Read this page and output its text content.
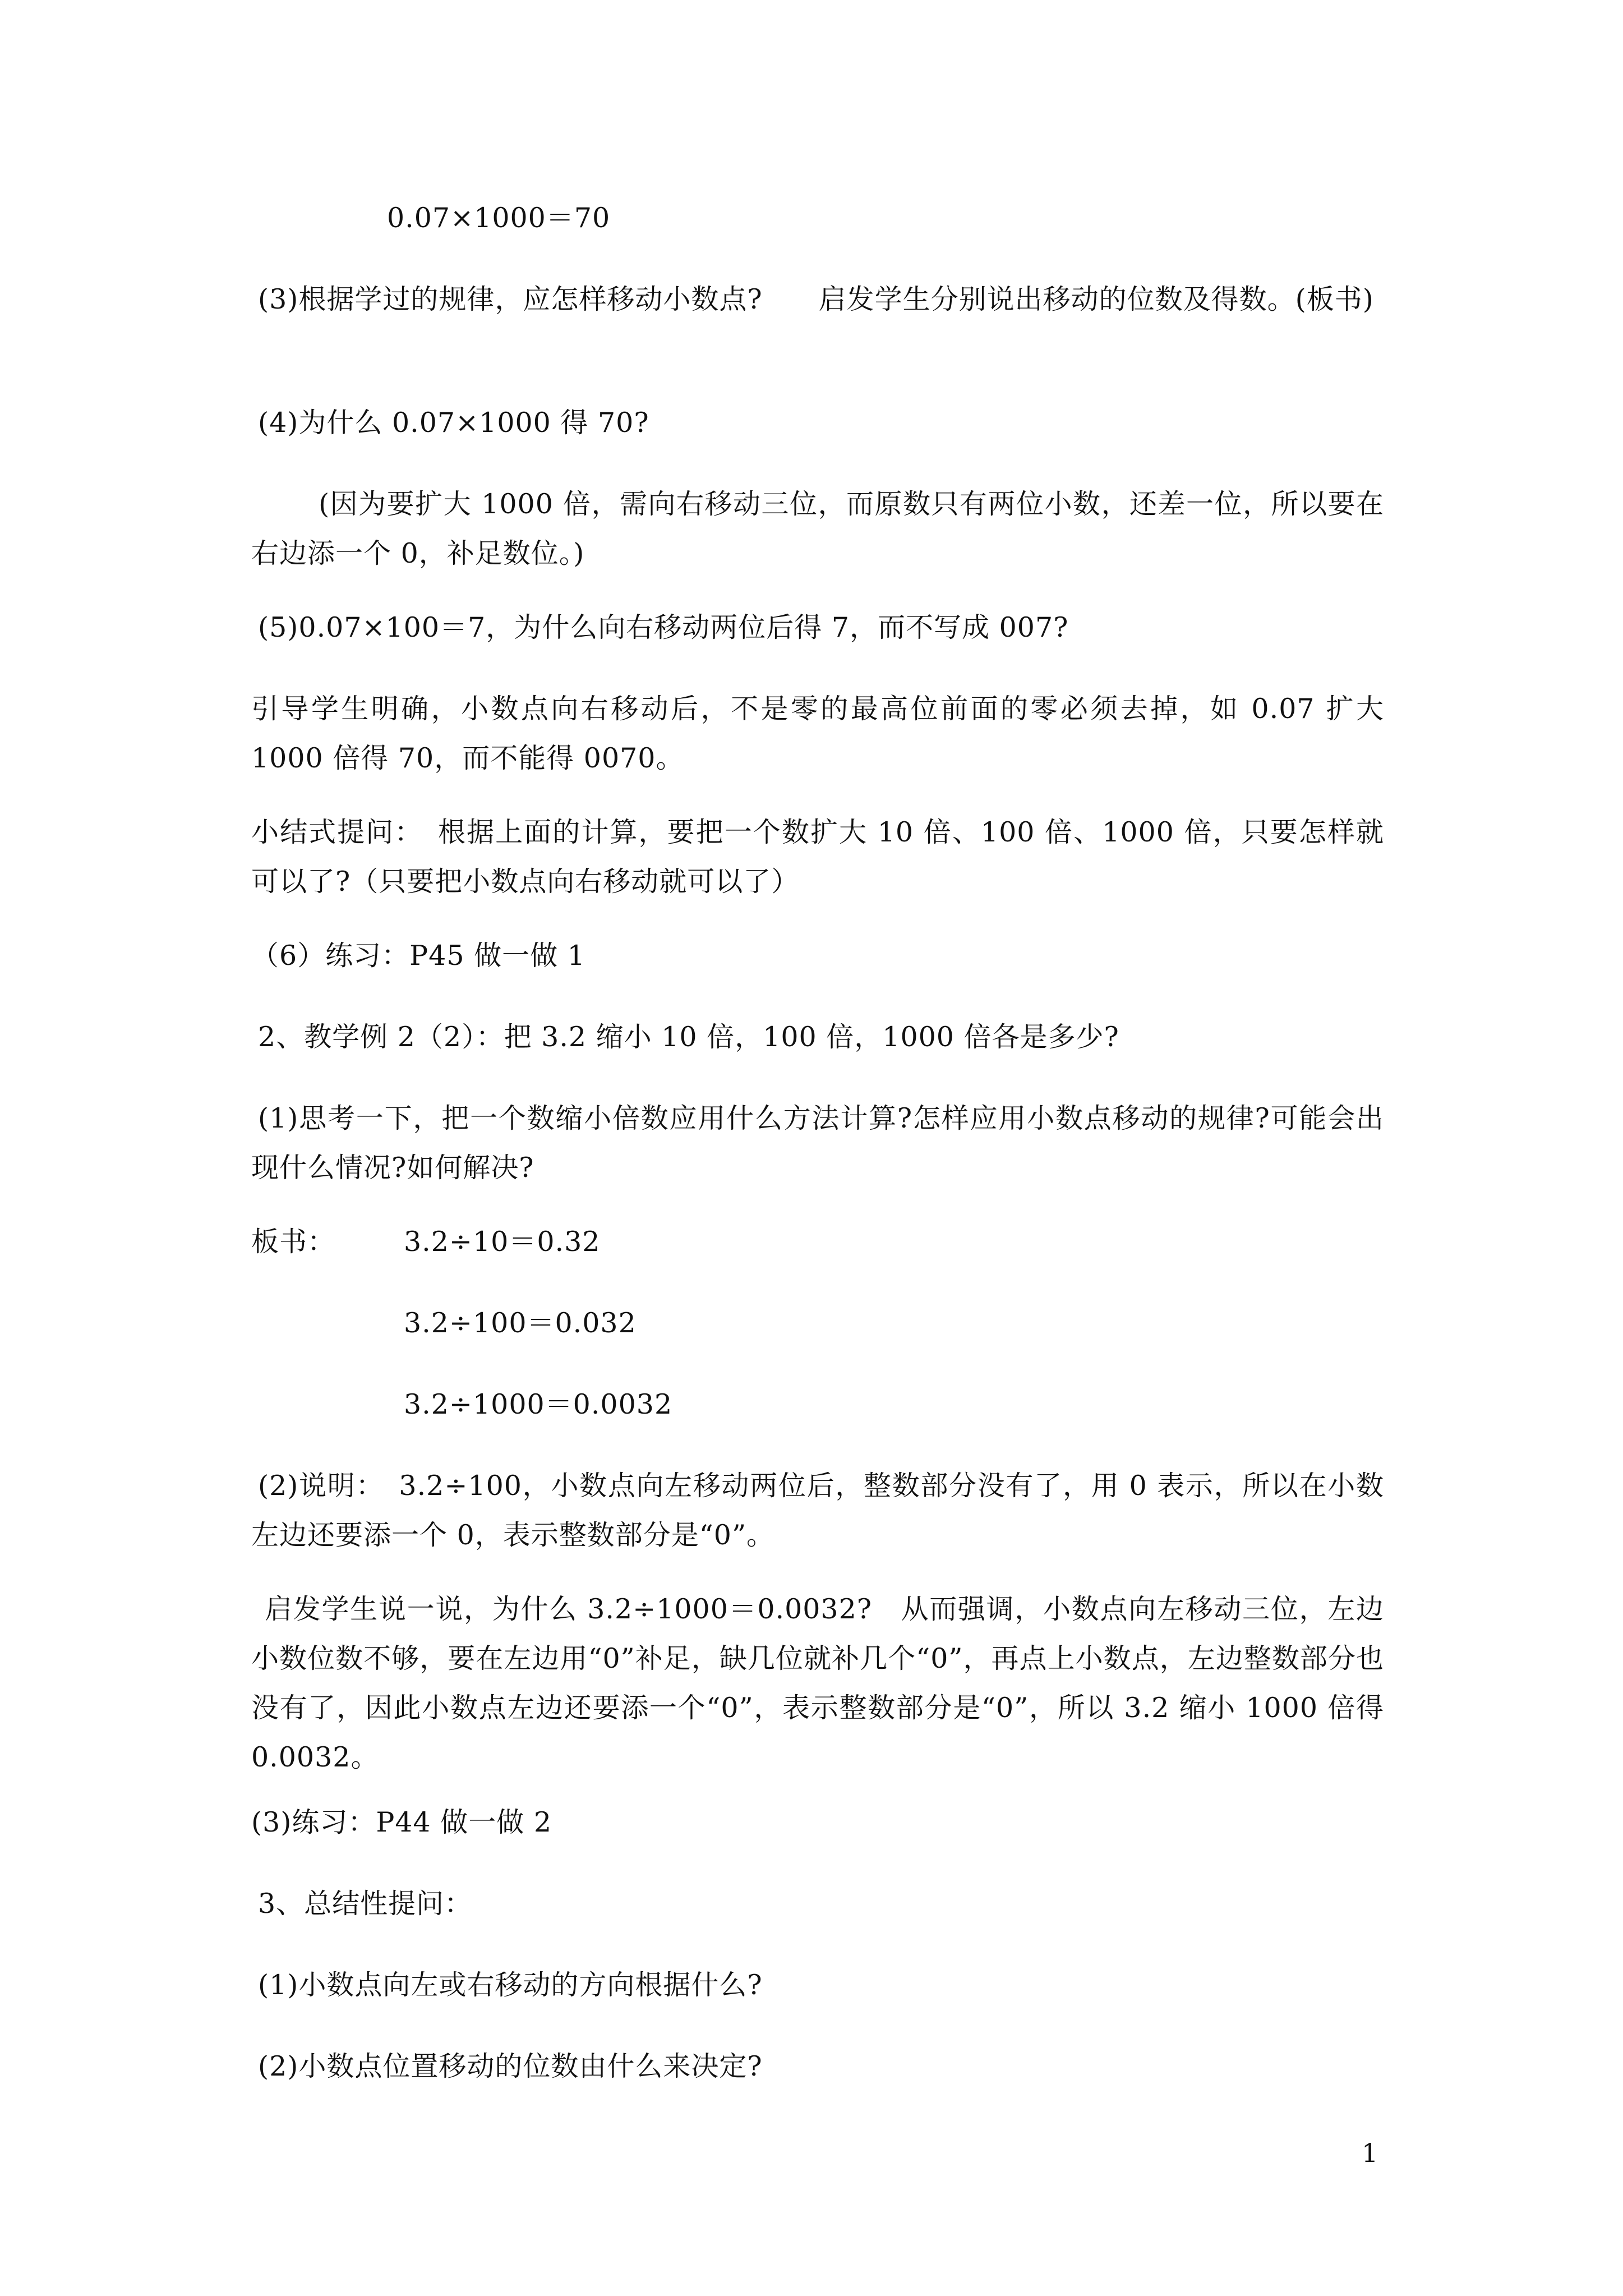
0.07×1000＝70
(3)根据学过的规律，应怎样移动小数点?　　启发学生分别说出移动的位数及得数。(板书)
(4)为什么 0.07×1000 得 70?
(因为要扩大 1000 倍，需向右移动三位，而原数只有两位小数，还差一位，所以要在右边添一个 0，补足数位。)
(5)0.07×100＝7，为什么向右移动两位后得 7，而不写成 007?
引导学生明确，小数点向右移动后，不是零的最高位前面的零必须去掉，如 0.07 扩大 1000 倍得 70，而不能得 0070。
小结式提问：　根据上面的计算，要把一个数扩大 10 倍、100 倍、1000 倍，只要怎样就可以了?（只要把小数点向右移动就可以了）
（6）练习：P45 做一做 1
2、教学例 2（2）：把 3.2 缩小 10 倍，100 倍，1000 倍各是多少?
(1)思考一下，把一个数缩小倍数应用什么方法计算?怎样应用小数点移动的规律?可能会出现什么情况?如何解决?
板书： 3.2÷10＝0.32
3.2÷100＝0.032
3.2÷1000＝0.0032
(2)说明：　3.2÷100，小数点向左移动两位后，整数部分没有了，用 0 表示，所以在小数左边还要添一个 0，表示整数部分是“0”。
启发学生说一说，为什么 3.2÷1000＝0.0032?　从而强调，小数点向左移动三位，左边小数位数不够，要在左边用“0”补足，缺几位就补几个“0”，再点上小数点，左边整数部分也没有了，因此小数点左边还要添一个“0”，表示整数部分是“0”，所以 3.2 缩小 1000 倍得 0.0032。
(3)练习：P44 做一做 2
3、总结性提问：
(1)小数点向左或右移动的方向根据什么?
(2)小数点位置移动的位数由什么来决定?
1
